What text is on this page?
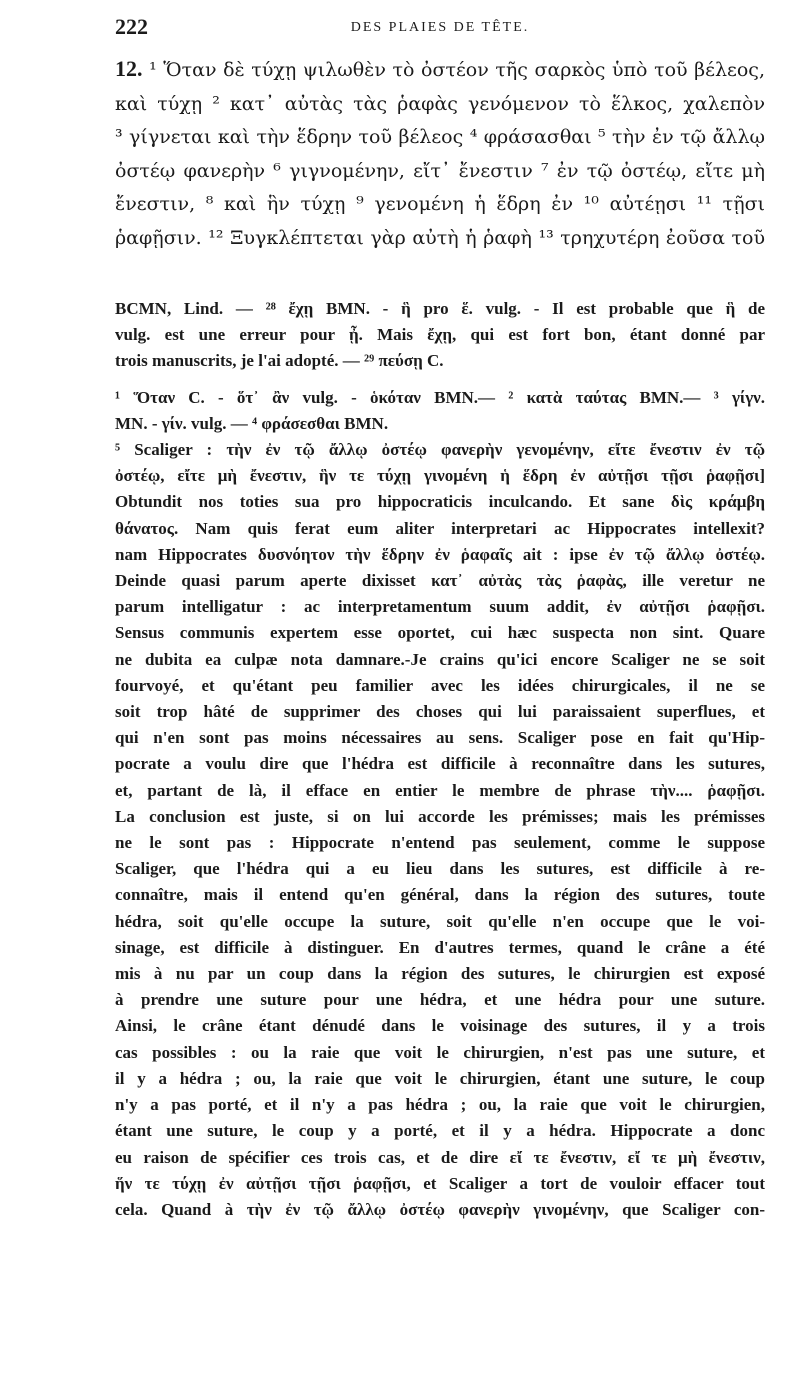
222	DES PLAIES DE TÊTE.
12. ¹ Ὅταν δὲ τύχῃ ψιλωθὲν τὸ ὀστέον τῆς σαρκὸς ὑπὸ τοῦ βέλεος,
καὶ τύχῃ ² κατ᾽ αὐτὰς τὰς ῥαφὰς γενόμενον τὸ ἕλκος, χαλεπὸν
³ γίγνεται καὶ τὴν ἕδρην τοῦ βέλεος ⁴ φράσασθαι ⁵ τὴν ἐν τῷ ἄλλῳ
ὀστέῳ φανερὴν ⁶ γιγνομένην, εἴτ᾽ ἔνεστιν ⁷ ἐν τῷ ὀστέῳ, εἴτε μὴ
ἔνεστιν, ⁸ καὶ ἣν τύχῃ ⁹ γενομένη ἡ ἕδρη ἐν ¹⁰ αὐτέῃσι ¹¹ τῇσι
ῥαφῇσιν. ¹² Ξυγκλέπτεται γὰρ αὐτὴ ἡ ῥαφὴ ¹³ τρηχυτέρη ἐοῦσα τοῦ
BCMN, Lind. — ²⁸ ἔχῃ BMN. - ἣ pro ἕ. vulg. - Il est probable que ἣ de
vulg. est une erreur pour ᾖ. Mais ἔχῃ, qui est fort bon, étant donné par
trois manuscrits, je l'ai adopté. — ²⁹ πεύσῃ C.
¹ Ὅταν C. - ὅτ᾽ ἂν vulg. - ὁκόταν BMN.— ² κατὰ ταύτας BMN.— ³ γίγν.
MN. - γίν. vulg. — ⁴ φράσεσθαι BMN.
⁵ Scaliger : τὴν ἐν τῷ ἄλλῳ ὀστέῳ φανερὴν γενομένην, εἴτε ἔνεστιν ἐν τῷ
ὀστέῳ, εἴτε μὴ ἔνεστιν, ἣν τε τύχῃ γινομένη ἡ ἕδρη ἐν αὐτῇσι τῇσι ῥαφῇσι]
Obtundit nos toties sua pro hippocraticis inculcando. Et sane δὶς κράμβη
θάνατος. Nam quis ferat eum aliter interpretari ac Hippocrates intellexit?
nam Hippocrates δυσνόητον τὴν ἕδρην ἐν ῥαφαῖς ait : ipse ἐν τῷ ἄλλῳ ὀστέῳ.
Deinde quasi parum aperte dixisset κατ᾽ αὐτὰς τὰς ῥαφὰς, ille veretur ne
parum intelligatur : ac interpretamentum suum addit, ἐν αὐτῇσι ῥαφῇσι.
Sensus communis expertem esse oportet, cui hæc suspecta non sint. Quare
ne dubita ea culpæ nota damnare.-Je crains qu'ici encore Scaliger ne se soit
fourvoyé, et qu'étant peu familier avec les idées chirurgicales, il ne se
soit trop hâté de supprimer des choses qui lui paraissaient superflues, et
qui n'en sont pas moins nécessaires au sens. Scaliger pose en fait qu'Hip-
pocrate a voulu dire que l'hédra est difficile à reconnaître dans les sutures,
et, partant de là, il efface en entier le membre de phrase τὴν.... ῥαφῇσι.
La conclusion est juste, si on lui accorde les prémisses; mais les prémisses
ne le sont pas : Hippocrate n'entend pas seulement, comme le suppose
Scaliger, que l'hédra qui a eu lieu dans les sutures, est difficile à re-
connaître, mais il entend qu'en général, dans la région des sutures, toute
hédra, soit qu'elle occupe la suture, soit qu'elle n'en occupe que le voi-
sinage, est difficile à distinguer. En d'autres termes, quand le crâne a été
mis à nu par un coup dans la région des sutures, le chirurgien est exposé
à prendre une suture pour une hédra, et une hédra pour une suture.
Ainsi, le crâne étant dénudé dans le voisinage des sutures, il y a trois
cas possibles : ou la raie que voit le chirurgien, n'est pas une suture, et
il y a hédra ; ou, la raie que voit le chirurgien, étant une suture, le coup
n'y a pas porté, et il n'y a pas hédra ; ou, la raie que voit le chirurgien,
étant une suture, le coup y a porté, et il y a hédra. Hippocrate a donc
eu raison de spécifier ces trois cas, et de dire εἴ τε ἔνεστιν, εἴ τε μὴ ἔνεστιν,
ἥν τε τύχῃ ἐν αὐτῇσι τῇσι ῥαφῇσι, et Scaliger a tort de vouloir effacer tout
cela. Quand à τὴν ἐν τῷ ἄλλῳ ὀστέῳ φανερὴν γινομένην, que Scaliger con-
